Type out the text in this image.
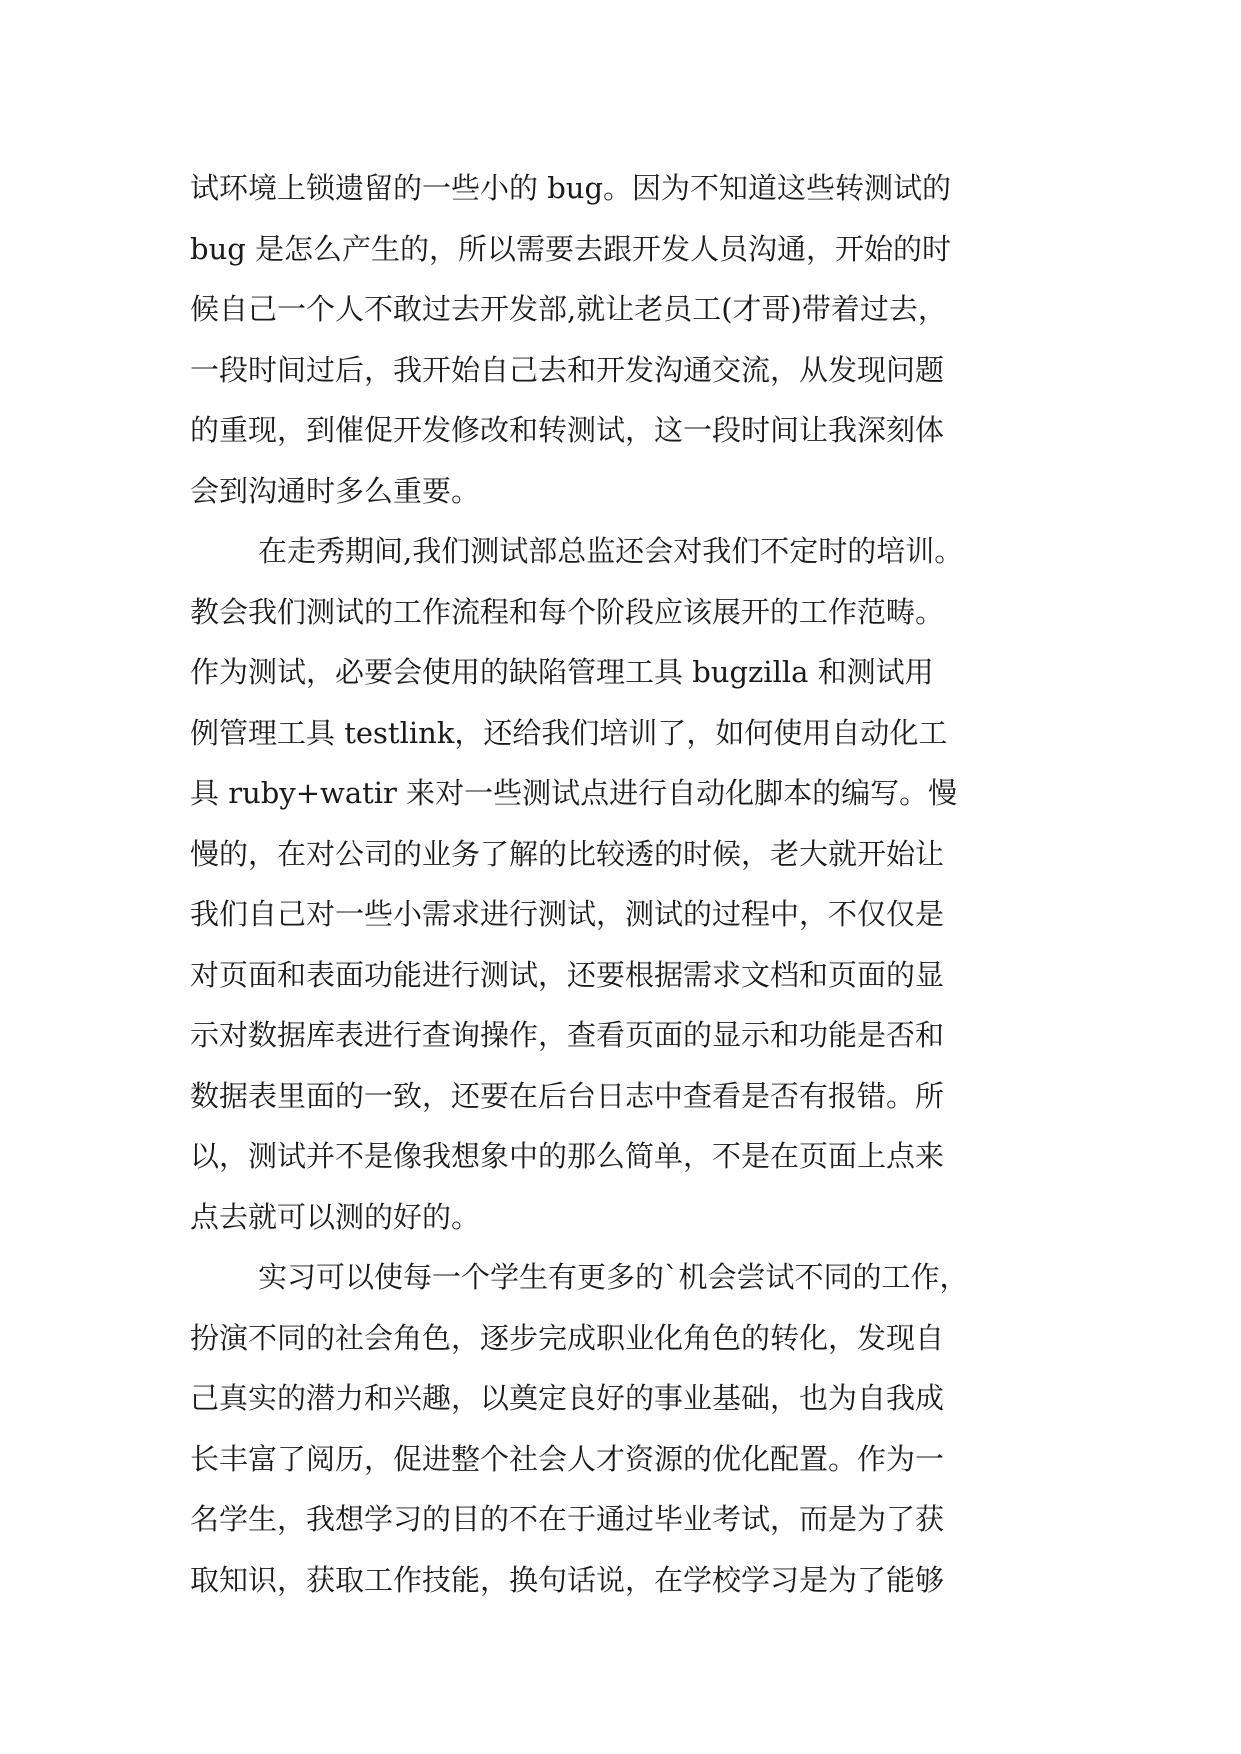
试环境上锁遗留的一些小的 bug。因为不知道这些转测试的
bug 是怎么产生的，所以需要去跟开发人员沟通，开始的时
候自己一个人不敢过去开发部,就让老员工(才哥)带着过去，
一段时间过后，我开始自己去和开发沟通交流，从发现问题
的重现，到催促开发修改和转测试，这一段时间让我深刻体
会到沟通时多么重要。
在走秀期间,我们测试部总监还会对我们不定时的培训。
教会我们测试的工作流程和每个阶段应该展开的工作范畴。
作为测试，必要会使用的缺陷管理工具 bugzilla 和测试用
例管理工具 testlink，还给我们培训了，如何使用自动化工
具 ruby+watir 来对一些测试点进行自动化脚本的编写。慢
慢的，在对公司的业务了解的比较透的时候，老大就开始让
我们自己对一些小需求进行测试，测试的过程中，不仅仅是
对页面和表面功能进行测试，还要根据需求文档和页面的显
示对数据库表进行查询操作，查看页面的显示和功能是否和
数据表里面的一致，还要在后台日志中查看是否有报错。所
以，测试并不是像我想象中的那么简单，不是在页面上点来
点去就可以测的好的。
实习可以使每一个学生有更多的`机会尝试不同的工作，
扮演不同的社会角色，逐步完成职业化角色的转化，发现自
己真实的潜力和兴趣，以奠定良好的事业基础，也为自我成
长丰富了阅历，促进整个社会人才资源的优化配置。作为一
名学生，我想学习的目的不在于通过毕业考试，而是为了获
取知识，获取工作技能，换句话说，在学校学习是为了能够
